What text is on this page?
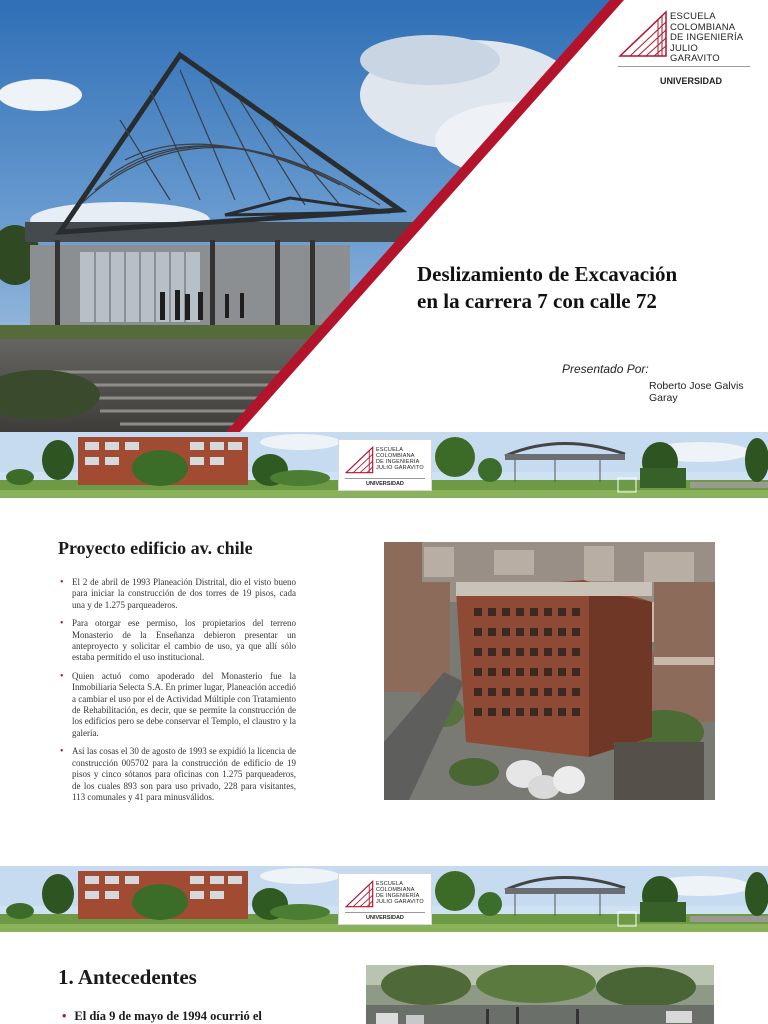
ESCUELA
COLOMBIANA
DE INGENIERÍA
JULIO GARAVITO
UNIVERSIDAD
Deslizamiento de Excavación
en la carrera 7 con calle 72
Presentado Por:
Roberto Jose Galvis Garay
ESCUELA
COLOMBIANA
DE INGENIERÍA
JULIO GARAVITO
UNIVERSIDAD
Proyecto edificio av. chile
• El 2 de abril de 1993 Planeación Distrital, dio el visto bueno para iniciar la construcción de dos torres de 19 pisos, cada una y de 1.275 parqueaderos.
• Para otorgar ese permiso, los propietarios del terreno Monasterio de la Enseñanza debieron presentar un anteproyecto y solicitar el cambio de uso, ya que allí sólo estaba permitido el uso institucional.
• Quien actuó como apoderado del Monasterio fue la Inmobiliaria Selecta S.A. En primer lugar, Planeación accedió a cambiar el uso por el de Actividad Múltiple con Tratamiento de Rehabilitación, es decir, que se permite la construcción de los edificios pero se debe conservar el Templo, el claustro y la galería.
• Así las cosas el 30 de agosto de 1993 se expidió la licencia de construcción 005702 para la construcción de edificio de 19 pisos y cinco sótanos para oficinas con 1.275 parqueaderos, de los cuales 893 son para uso privado, 228 para visitantes, 113 comunales y 41 para minusválidos.
ESCUELA
COLOMBIANA
DE INGENIERÍA
JULIO GARAVITO
UNIVERSIDAD
1. Antecedentes
• El día 9 de mayo de 1994 ocurrió el
